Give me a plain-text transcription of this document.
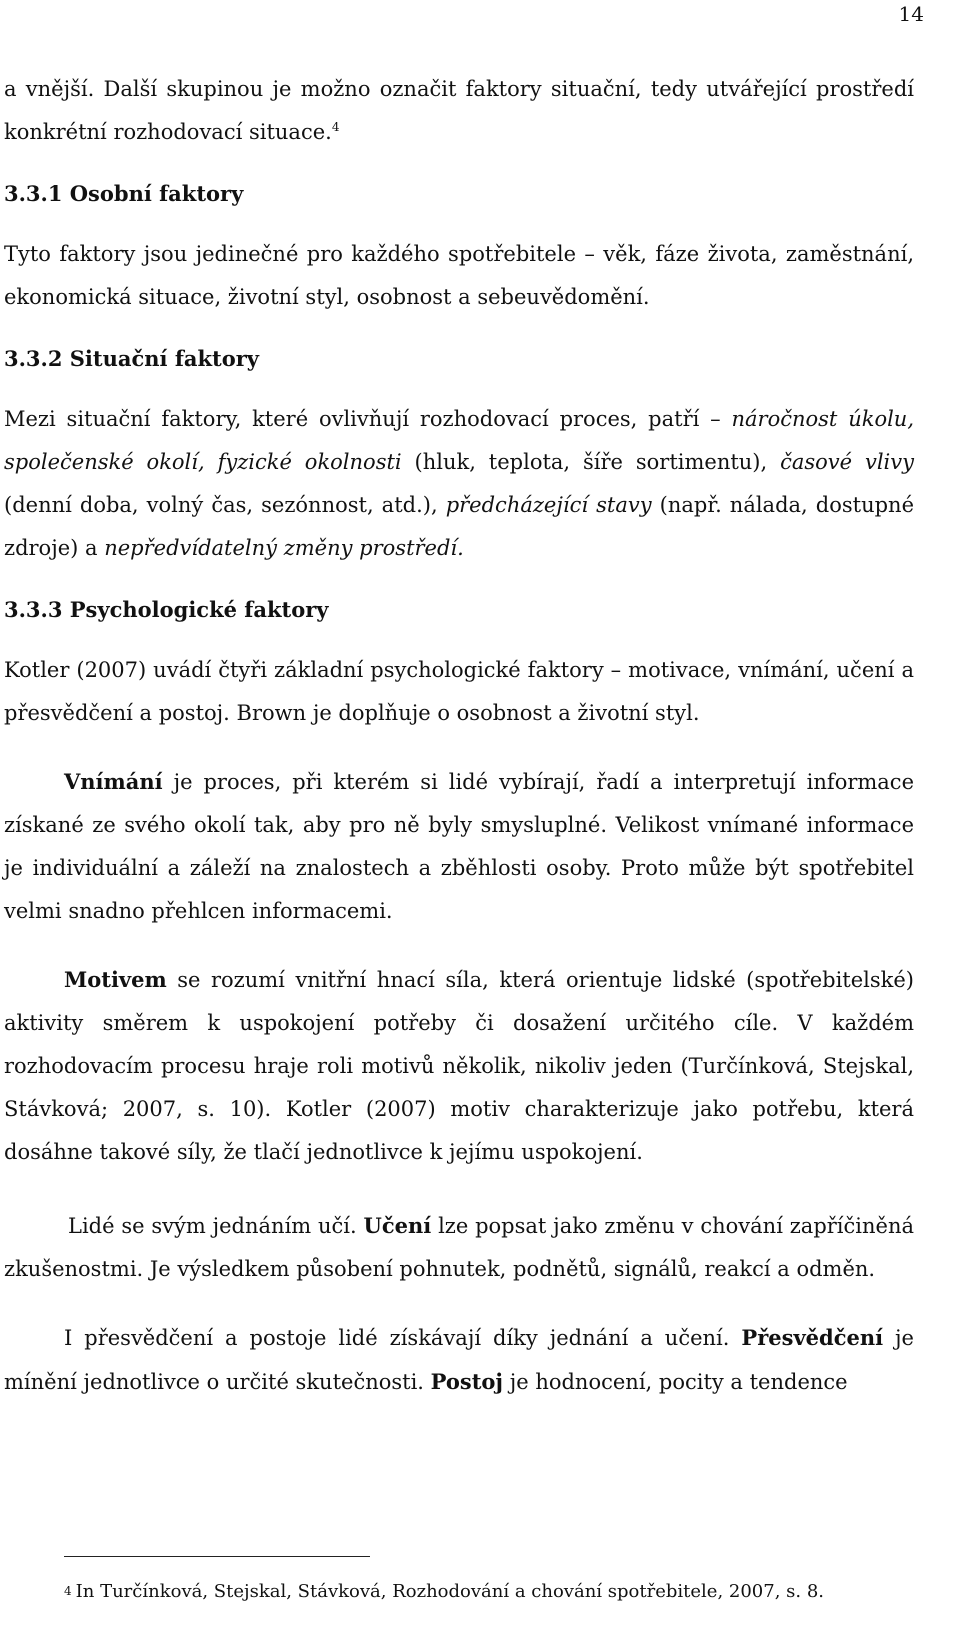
14

a vnější. Další skupinou je možno označit faktory situační, tedy utvářející prostředí konkrétní rozhodovací situace.$^4$

3.3.1 Osobní faktory

Tyto faktory jsou jedinečné pro každého spotřebitele – věk, fáze života, zaměstnání, ekonomická situace, životní styl, osobnost a sebeuvědomění.

3.3.2 Situační faktory

Mezi situační faktory, které ovlivňují rozhodovací proces, patří – náročnost úkolu, společenské okolí, fyzické okolnosti (hluk, teplota, šíře sortimentu), časové vlivy (denní doba, volný čas, sezónnost, atd.), předcházející stavy (např. nálada, dostupné zdroje) a nepředvídatelný změny prostředí.

3.3.3 Psychologické faktory

Kotler (2007) uvádí čtyři základní psychologické faktory – motivace, vnímání, učení a přesvědčení a postoj. Brown je doplňuje o osobnost a životní styl.

Vnímání je proces, při kterém si lidé vybírají, řadí a interpretují informace získané ze svého okolí tak, aby pro ně byly smysluplné. Velikost vnímané informace je individuální a záleží na znalostech a zběhlosti osoby. Proto může být spotřebitel velmi snadno přehlcen informacemi.

Motivem se rozumí vnitřní hnací síla, která orientuje lidské (spotřebitelské) aktivity směrem k uspokojení potřeby či dosažení určitého cíle. V každém rozhodovacím procesu hraje roli motivů několik, nikoliv jeden (Turčínková, Stejskal, Stávková; 2007, s. 10). Kotler (2007) motiv charakterizuje jako potřebu, která dosáhne takové síly, že tlačí jednotlivce k jejímu uspokojení.

Lidé se svým jednáním učí. Učení lze popsat jako změnu v chování zapříčiněná zkušenostmi. Je výsledkem působení pohnutek, podnětů, signálů, reakcí a odměn.

I přesvědčení a postoje lidé získávají díky jednání a učení. Přesvědčení je mínění jednotlivce o určité skutečnosti. Postoj je hodnocení, pocity a tendence

4 In Turčínková, Stejskal, Stávková, Rozhodování a chování spotřebitele, 2007, s. 8.
